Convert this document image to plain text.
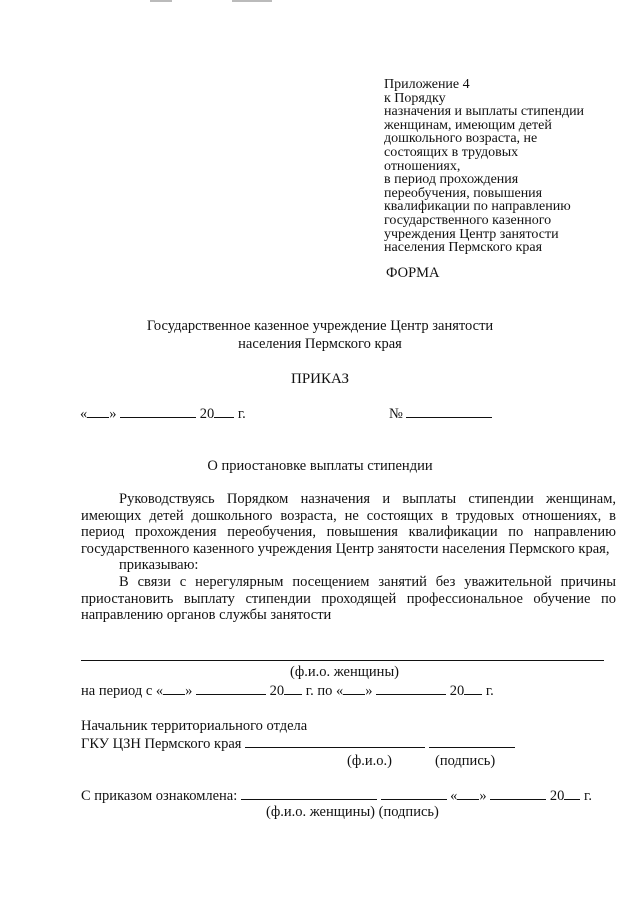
Приложение 4
к Порядку
назначения и выплаты стипендии
женщинам, имеющим детей
дошкольного возраста, не
состоящих в трудовых
отношениях,
в период прохождения
переобучения, повышения
квалификации по направлению
государственного казенного
учреждения Центр занятости
населения Пермского края
ФОРМА
Государственное казенное учреждение Центр занятости
населения Пермского края
ПРИКАЗ
« »	20 г.	№
О приостановке выплаты стипендии

Руководствуясь Порядком назначения и выплаты стипендии женщинам, имеющих детей дошкольного возраста, не состоящих в трудовых отношениях, в период прохождения переобучения, повышения квалификации по направлению государственного казенного учреждения Центр занятости населения Пермского края,

приказываю:

В связи с нерегулярным посещением занятий без уважительной причины приостановить выплату стипендии проходящей профессиональное обучение по направлению органов службы занятости

(ф.и.о. женщины)
на период с « »	20 г. по « »	20 г.
Начальник территориального отдела
ГКУ ЦЗН Пермского края
(ф.и.о.)	(подпись)
С приказом ознакомлена:	« »	20 г.
(ф.и.о. женщины) (подпись)
